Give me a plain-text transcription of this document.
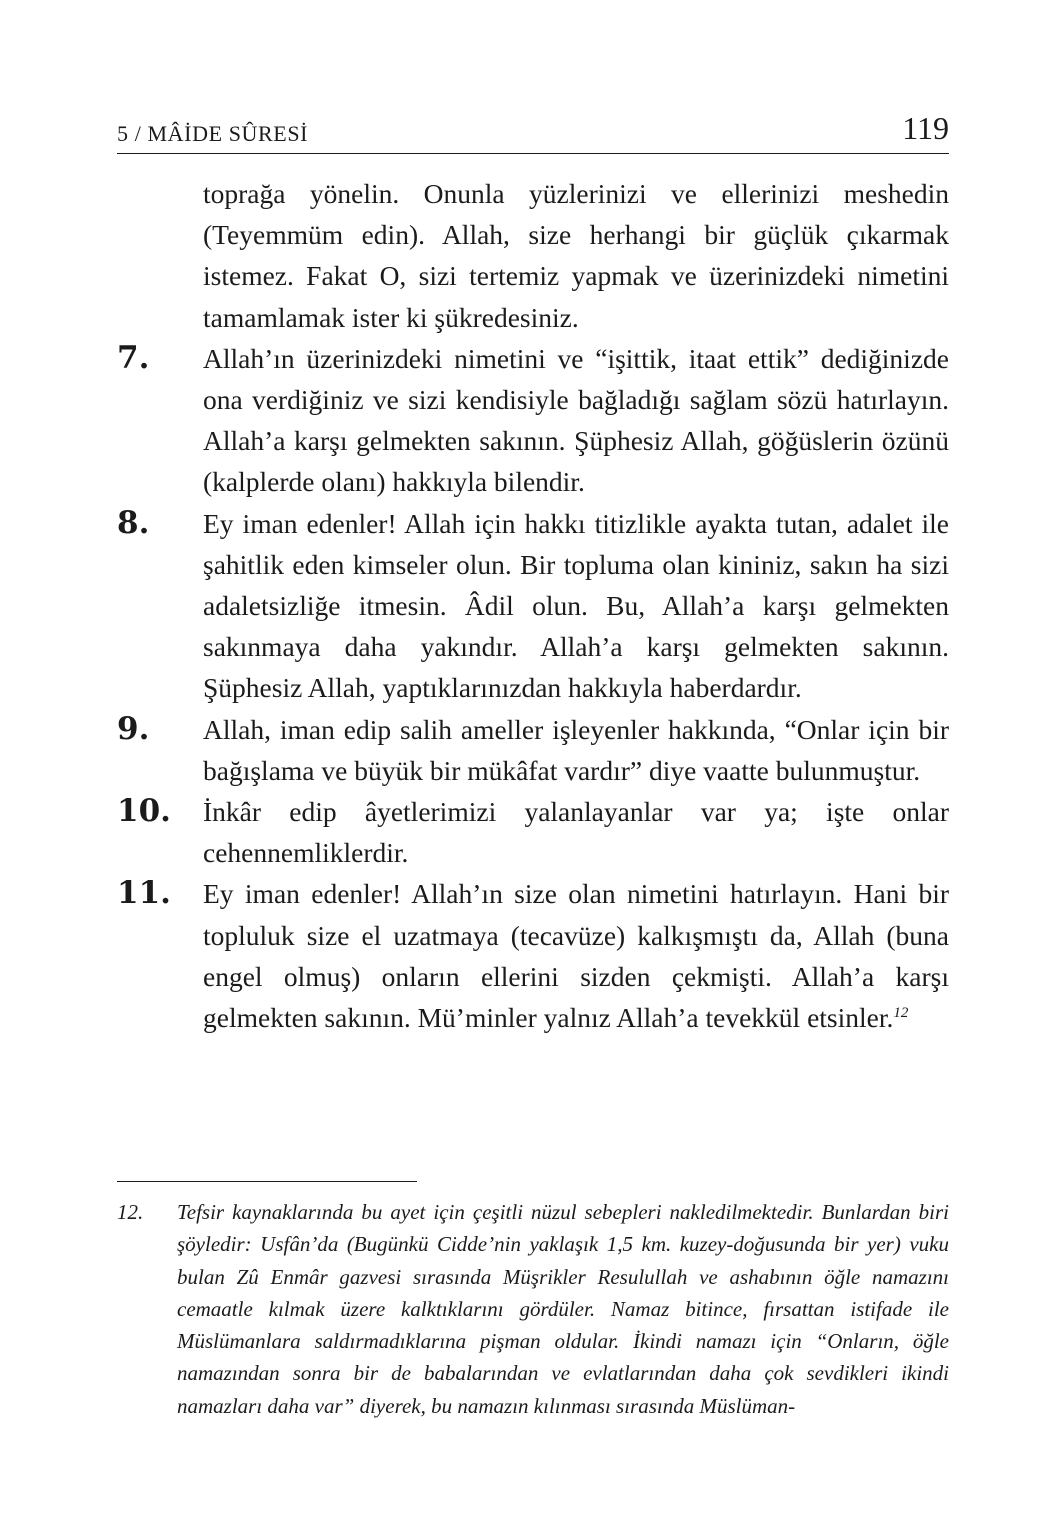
5 / MÂİDE SÛRESİ	119
toprağa yönelin. Onunla yüzlerinizi ve ellerinizi meshedin (Teyemmüm edin). Allah, size herhangi bir güçlük çıkarmak istemez. Fakat O, sizi tertemiz yapmak ve üzerinizdeki nimetini tamamlamak ister ki şükredesiniz.
7.	Allah’ın üzerinizdeki nimetini ve “işittik, itaat ettik” dediğinizde ona verdiğiniz ve sizi kendisiyle bağladığı sağlam sözü hatırlayın. Allah’a karşı gelmekten sakının. Şüphesiz Allah, göğüslerin özünü (kalplerde olanı) hakkıyla bilendir.
8.	Ey iman edenler! Allah için hakkı titizlikle ayakta tutan, adalet ile şahitlik eden kimseler olun. Bir topluma olan kininiz, sakın ha sizi adaletsizliğe itmesin. Âdil olun. Bu, Allah’a karşı gelmekten sakınmaya daha yakındır. Allah’a karşı gelmekten sakının. Şüphesiz Allah, yaptıklarınızdan hakkıyla haberdardır.
9.	Allah, iman edip salih ameller işleyenler hakkında, “Onlar için bir bağışlama ve büyük bir mükâfat vardır” diye vaatte bulunmuştur.
10.	İnkâr edip âyetlerimizi yalanlayanlar var ya; işte onlar cehennemliklerdir.
11.	Ey iman edenler! Allah’ın size olan nimetini hatırlayın. Hani bir topluluk size el uzatmaya (tecavüze) kalkışmıştı da, Allah (buna engel olmuş) onların ellerini sizden çekmişti. Allah’a karşı gelmekten sakının. Mü’minler yalnız Allah’a tevekkül etsinler.$^{12}$
12.	Tefsir kaynaklarında bu ayet için çeşitli nüzul sebepleri nakledilmektedir. Bunlardan biri şöyledir: Usfân’da (Bugünkü Cidde’nin yaklaşık 1,5 km. kuzey-doğusunda bir yer) vuku bulan Zû Enmâr gazvesi sırasında Müşrikler Resulullah ve ashabının öğle namazını cemaatle kılmak üzere kalktıklarını gördüler. Namaz bitince, fırsattan istifade ile Müslümanlara saldırmadıklarına pişman oldular. İkindi namazı için “Onların, öğle namazından sonra bir de babalarından ve evlatlarından daha çok sevdikleri ikindi namazları daha var” diyerek, bu namazın kılınması sırasında Müslüman-
